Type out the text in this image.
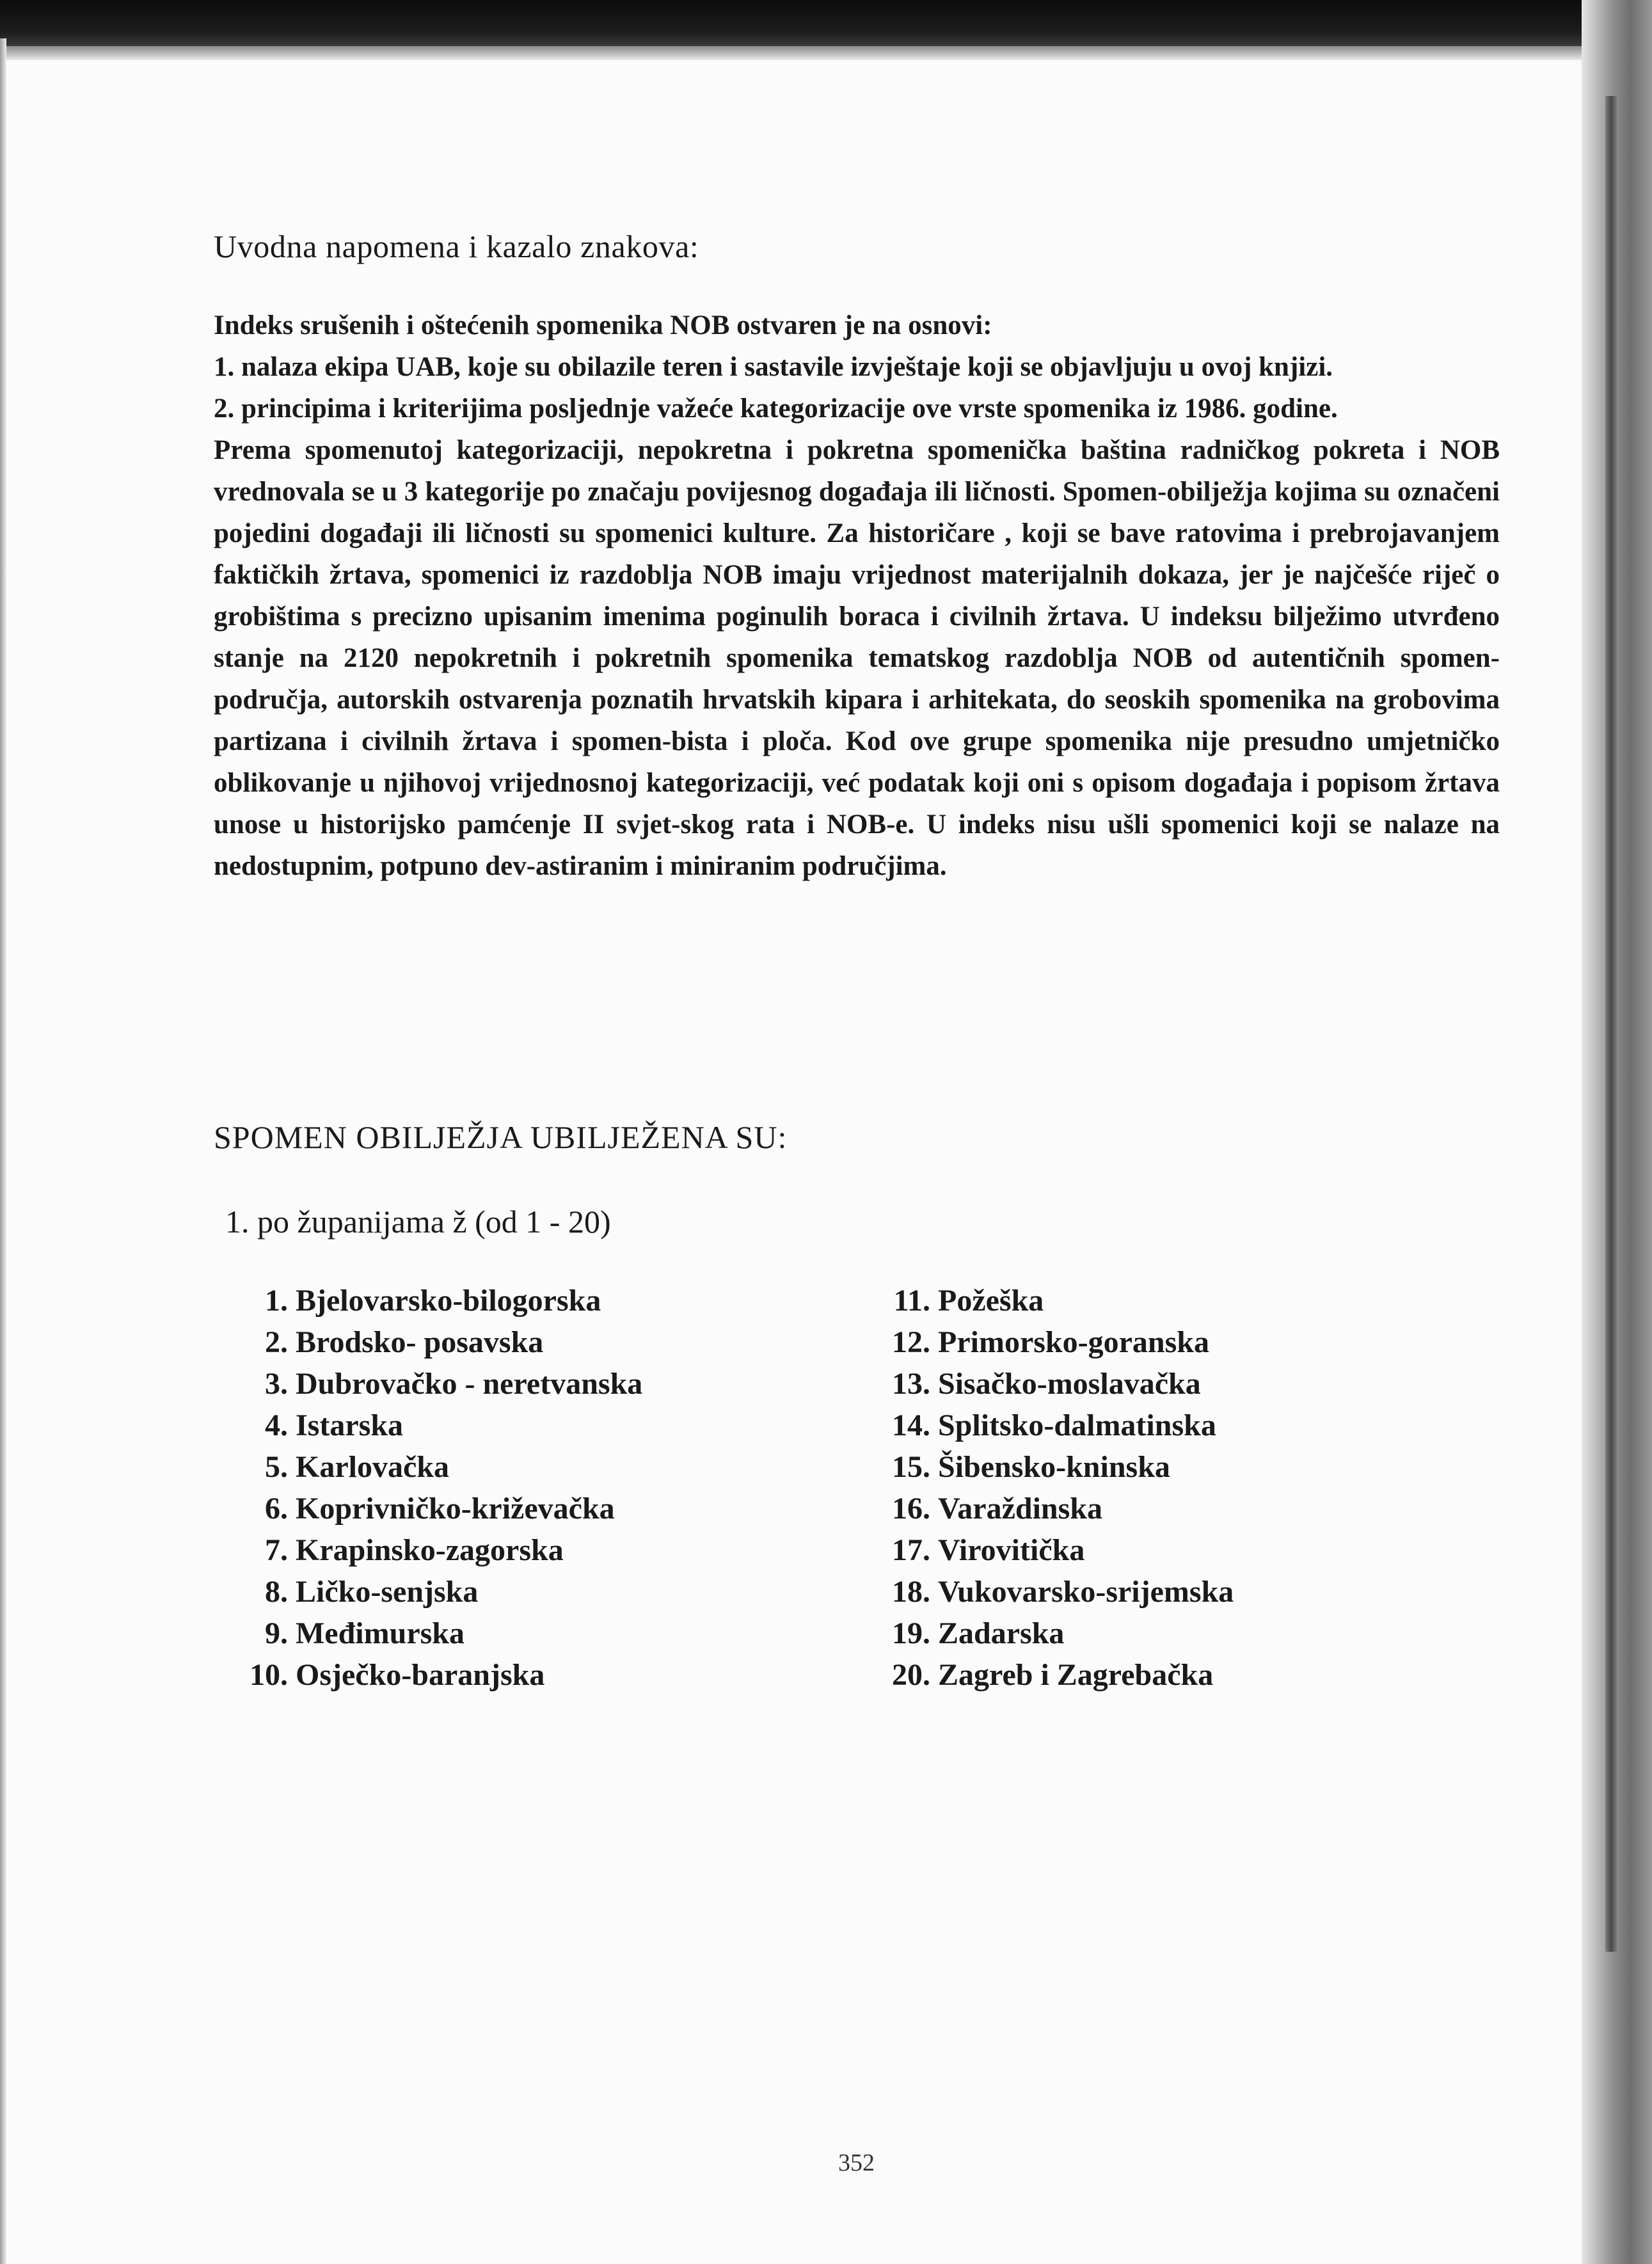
Uvodna napomena i kazalo znakova:

Indeks srušenih i oštećenih spomenika NOB ostvaren je na osnovi:

1. nalaza ekipa UAB, koje su obilazile teren i sastavile izvještaje koji se objavljuju u ovoj knjizi.

2. principima i kriterijima posljednje važeće kategorizacije ove vrste spomenika iz 1986. godine.

Prema spomenutoj kategorizaciji, nepokretna i pokretna spomenička baština radničkog pokreta i NOB vrednovala se u 3 kategorije po značaju povijesnog događaja ili ličnosti. Spomen-obilježja kojima su označeni pojedini događaji ili ličnosti su spomenici kulture. Za historičare , koji se bave ratovima i prebrojavanjem faktičkih žrtava, spomenici iz razdoblja NOB imaju vrijednost materijalnih dokaza, jer je najčešće riječ o grobištima s precizno upisanim imenima poginulih boraca i civilnih žrtava. U indeksu bilježimo utvrđeno stanje na 2120 nepokretnih i pokretnih spomenika tematskog razdoblja NOB od autentičnih spomen- područja, autorskih ostvarenja poznatih hrvatskih kipara i arhitekata, do seoskih spomenika na grobovima partizana i civilnih žrtava i spomen-bista i ploča. Kod ove grupe spomenika nije presudno umjetničko oblikovanje u njihovoj vrijednosnoj kategorizaciji, već podatak koji oni s opisom događaja i popisom žrtava unose u historijsko pamćenje II svjet-skog rata i NOB-e. U indeks nisu ušli spomenici koji se nalaze na nedostupnim, potpuno dev-astiranim i miniranim područjima.

SPOMEN OBILJEŽJA UBILJEŽENA SU:
1. po županijama ž (od 1 - 20)
1. Bjelovarsko-bilogorska
2. Brodsko- posavska
3. Dubrovačko - neretvanska
4. Istarska
5. Karlovačka
6. Koprivničko-križevačka
7. Krapinsko-zagorska
8. Ličko-senjska
9. Međimurska
10. Osječko-baranjska
11. Požeška
12. Primorsko-goranska
13. Sisačko-moslavačka
14. Splitsko-dalmatinska
15. Šibensko-kninska
16. Varaždinska
17. Virovitička
18. Vukovarsko-srijemska
19. Zadarska
20. Zagreb i Zagrebačka
352
